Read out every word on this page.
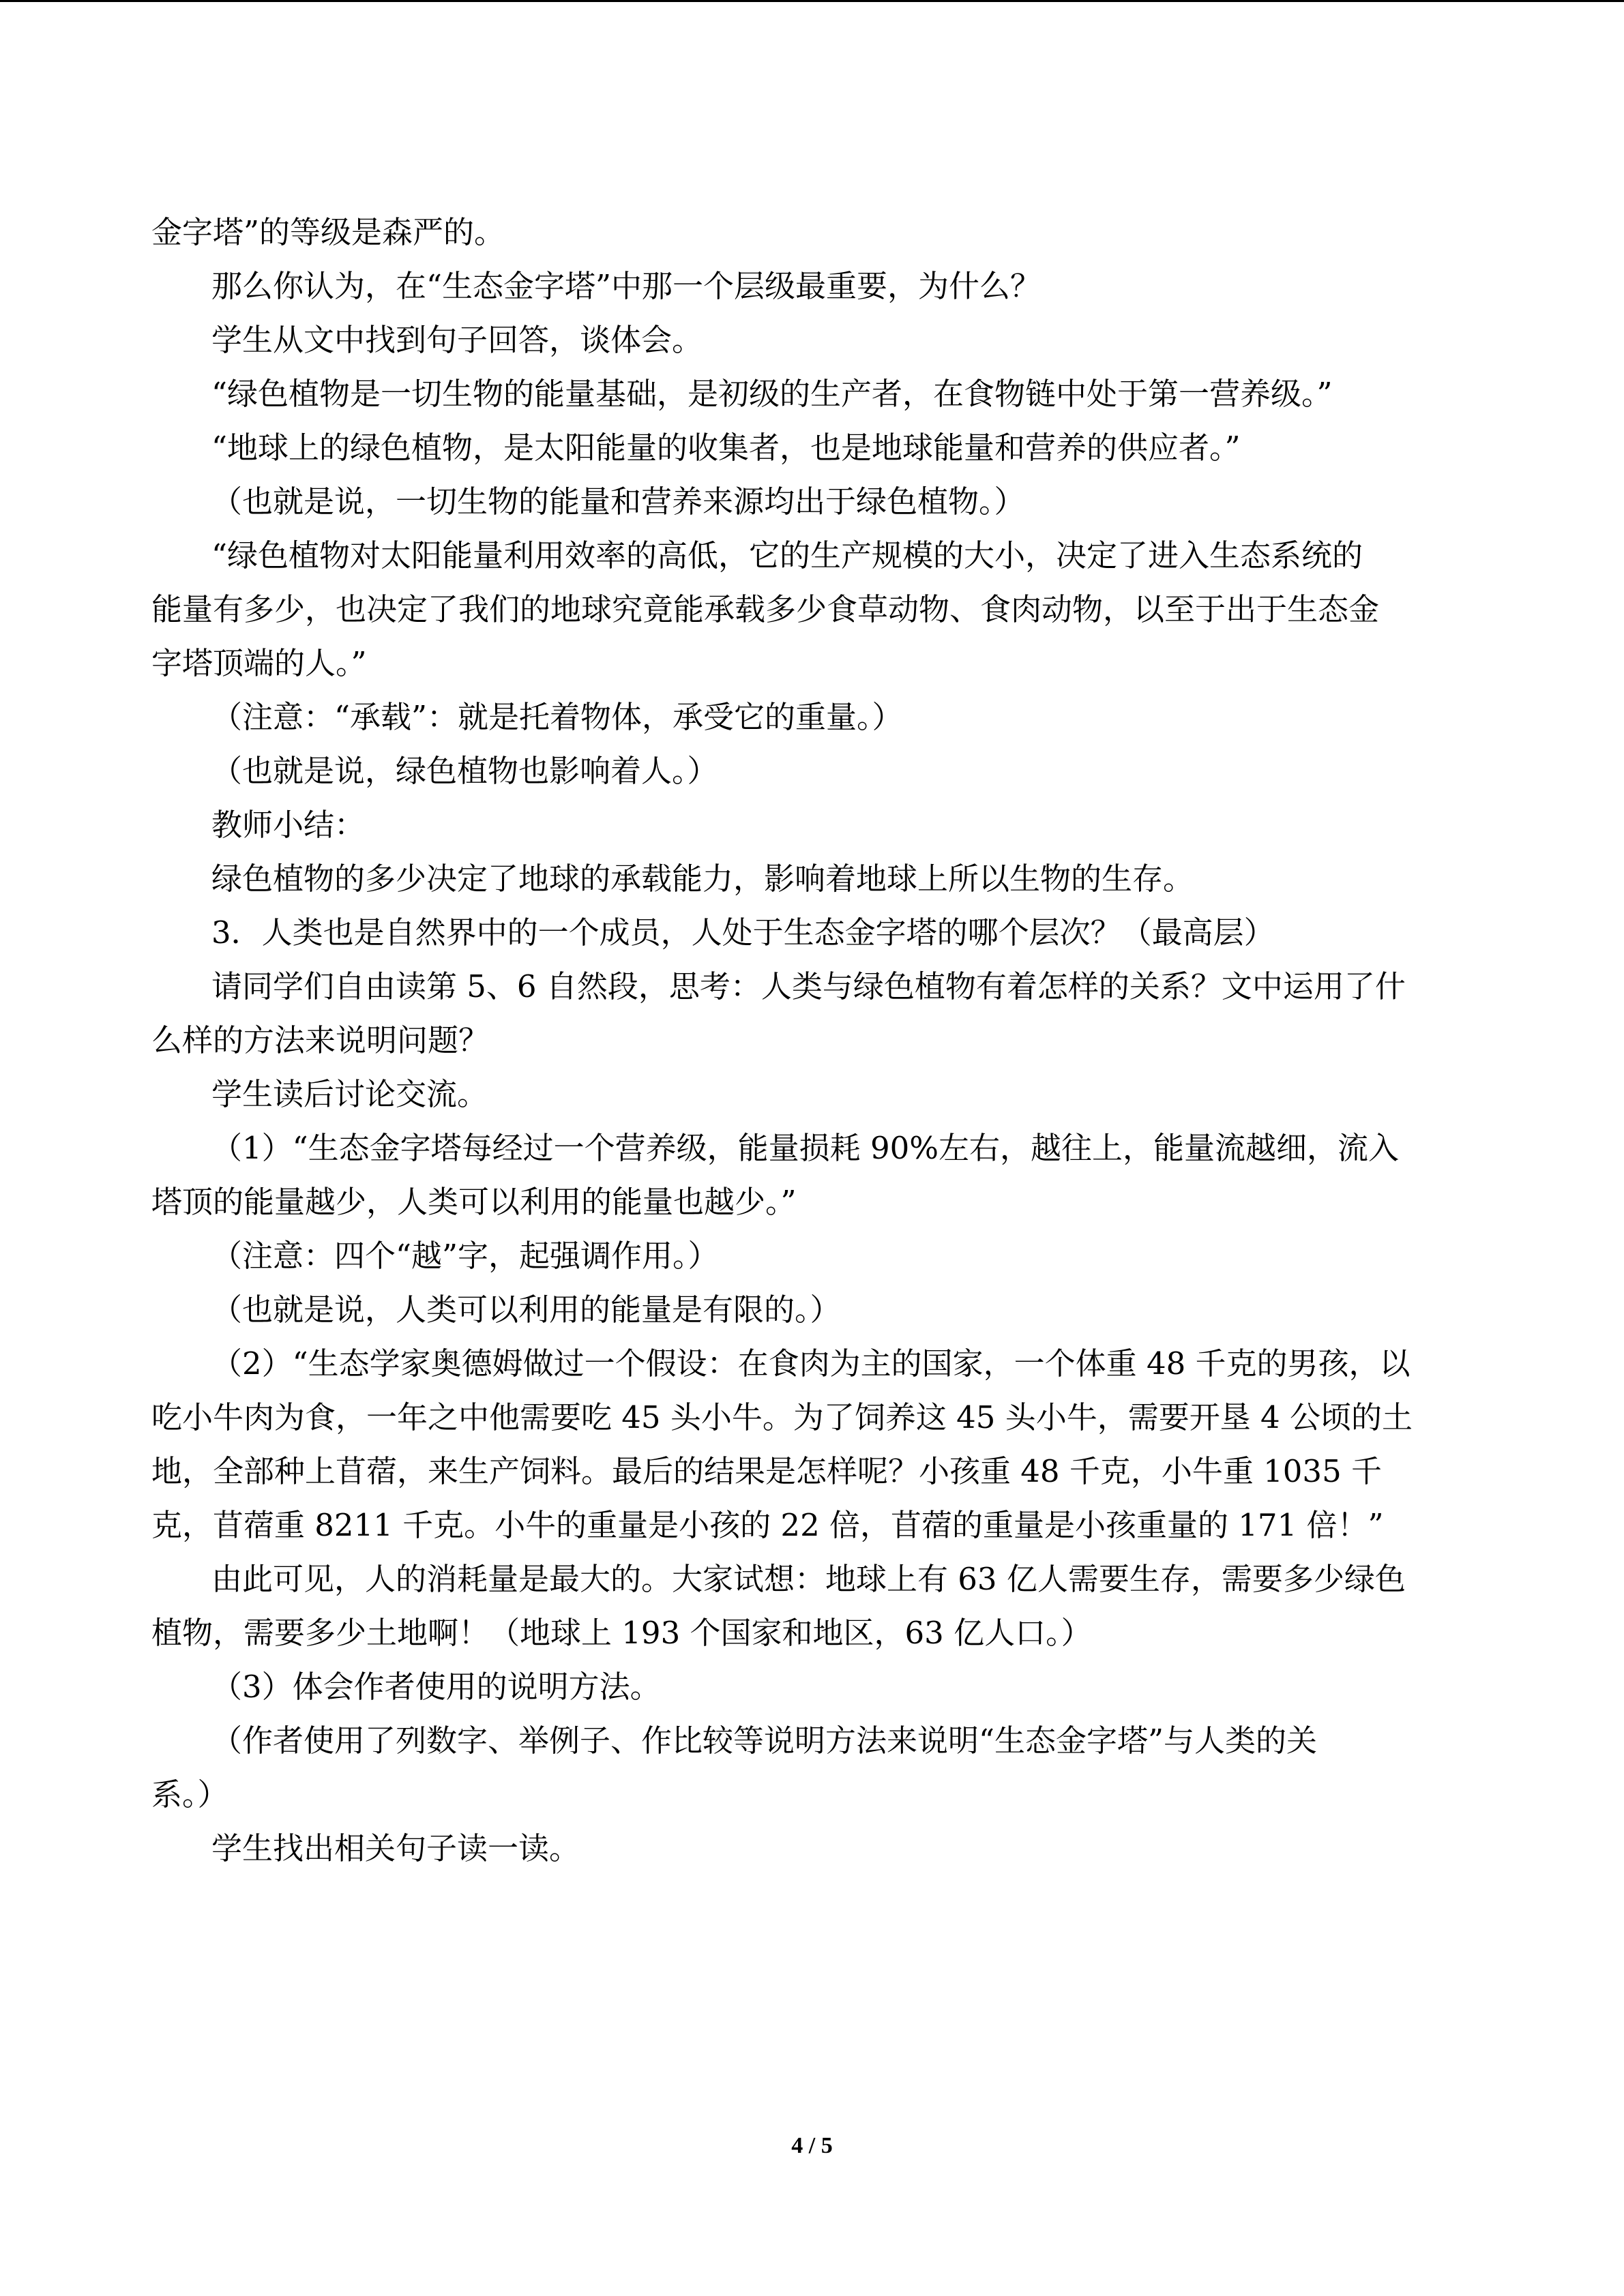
金字塔”的等级是森严的。
那么你认为，在“生态金字塔”中那一个层级最重要，为什么？
学生从文中找到句子回答，谈体会。
“绿色植物是一切生物的能量基础，是初级的生产者，在食物链中处于第一营养级。”
“地球上的绿色植物，是太阳能量的收集者，也是地球能量和营养的供应者。”
（也就是说，一切生物的能量和营养来源均出于绿色植物。）
“绿色植物对太阳能量利用效率的高低，它的生产规模的大小，决定了进入生态系统的
能量有多少，也决定了我们的地球究竟能承载多少食草动物、食肉动物，以至于出于生态金
字塔顶端的人。”
（注意：“承载”：就是托着物体，承受它的重量。）
（也就是说，绿色植物也影响着人。）
教师小结：
绿色植物的多少决定了地球的承载能力，影响着地球上所以生物的生存。
3．人类也是自然界中的一个成员，人处于生态金字塔的哪个层次？（最高层）
请同学们自由读第 5、6 自然段，思考：人类与绿色植物有着怎样的关系？文中运用了什
么样的方法来说明问题？
学生读后讨论交流。
（1）“生态金字塔每经过一个营养级，能量损耗 90%左右，越往上，能量流越细，流入
塔顶的能量越少，人类可以利用的能量也越少。”
（注意：四个“越”字，起强调作用。）
（也就是说，人类可以利用的能量是有限的。）
（2）“生态学家奥德姆做过一个假设：在食肉为主的国家，一个体重 48 千克的男孩，以
吃小牛肉为食，一年之中他需要吃 45 头小牛。为了饲养这 45 头小牛，需要开垦 4 公顷的土
地，全部种上苜蓿，来生产饲料。最后的结果是怎样呢？小孩重 48 千克，小牛重 1035 千
克，苜蓿重 8211 千克。小牛的重量是小孩的 22 倍，苜蓿的重量是小孩重量的 171 倍！”
由此可见，人的消耗量是最大的。大家试想：地球上有 63 亿人需要生存，需要多少绿色
植物，需要多少土地啊！（地球上 193 个国家和地区，63 亿人口。）
（3）体会作者使用的说明方法。
（作者使用了列数字、举例子、作比较等说明方法来说明“生态金字塔”与人类的关
系。）
学生找出相关句子读一读。
4 / 5
